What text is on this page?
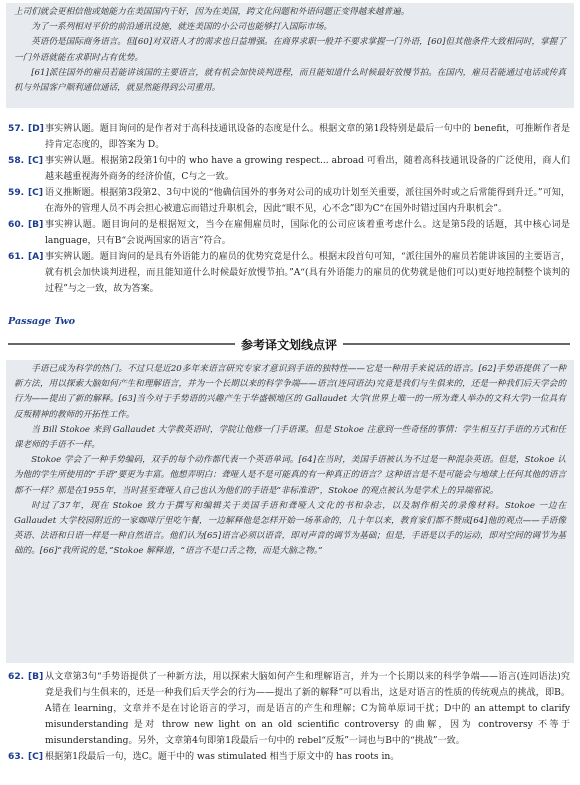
上司们就会更相信他或她能力在美国国内干好，因为在美国，跨文化问题和外语问题正变得越来越普遍。

为了一系列相对平价的前沿通讯设施，就连美国的小公司也能够打入国际市场。

英语仍是国际商务语言。但[60]对双语人才的需求也日益增强。在商界求职一般并不要求掌握一门外语，[60]但其他条件大致相同时，掌握了一门外语就能在求职时占有优势。

[61]派往国外的雇员若能讲该国的主要语言，就有机会加快谈判进程，而且能知道什么时候最好放慢节拍。在国内，雇员若能通过电话或传真机与外国客户顺利通信通话，就显然能得到公司重用。

57. [D] 事实辨认题。题目询问的是作者对于高科技通讯设备的态度是什么。根据文章的第1段特别是最后一句中的 benefit，可推断作者是持肯定态度的，即答案为 D。
58. [C] 事实辨认题。根据第2段第1句中的 who have a growing respect... abroad 可看出，随着高科技通讯设备的广泛使用，商人们越来越重视海外商务的经济价值，C与之一致。
59. [C] 语义推断题。根据第3段第2、3句中说的“他确信国外的事务对公司的成功计划至关重要，派往国外时或之后常能得到升迁。”可知，在海外的管理人员不再会担心被遗忘而错过升职机会，因此“眼不见，心不念”即为C“在国外时错过国内升职机会”。
60. [B] 事实辨认题。题目询问的是根据短文，当今在雇佣雇员时，国际化的公司应该着重考虑什么。这是第5段的话题，其中核心词是 language，只有B“会说两国家的语言”符合。
61. [A] 事实辨认题。题目询问的是具有外语能力的雇员的优势究竟是什么。根据末段首句可知，“派往国外的雇员若能讲该国的主要语言，就有机会加快谈判进程，而且能知道什么时候最好放慢节拍。”A“(具有外语能力的雇员的优势就是他们可以)更好地控制整个谈判的过程”与之一致，故为答案。
Passage Two
参考译文划线点评

手语已成为科学的热门。不过只是近20多年来语言研究专家才意识到手语的独特性——它是一种用手来说话的语言。[62]手势语提供了一种新方法，用以探索大脑如何产生和理解语言，并为一个长期以来的科学争端——语言(连同语法)究竟是我们与生俱来的，还是一种我们后天学会的行为——提出了新的解释。[63]当今对于手势语的兴趣产生于华盛顿地区的 Gallaudet 大学(世界上唯一的一所为聋人举办的文科大学)一位具有反叛精神的教师的开拓性工作。

当 Bill Stokoe 来到 Gallaudet 大学教英语时，学院让他修一门手语课。但是 Stokoe 注意到一些奇怪的事情：学生相互打手语的方式和任课老师的手语不一样。

Stokoe 学会了一种手势编码，双手的每个动作都代表一个英语单词。[64]在当时，美国手语被认为不过是一种混杂英语。但是，Stokoe 认为他的学生所使用的“手语”要更为丰富。他想弄明白：聋哑人是不是可能真的有一种真正的语言？这种语言是不是可能会与地球上任何其他的语言都不一样？那是在1955年，当时甚至聋哑人自己也认为他们的手语是“非标准语”，Stokoe 的观点被认为是学术上的异端邪说。

时过了37年，现在 Stokoe 致力于撰写和编辑关于美国手语和聋哑人文化的书和杂志，以及制作相关的录像材料。Stokoe 一边在 Gallaudet 大学校园附近的一家咖啡厅里吃午餐，一边解释他是怎样开始一场革命的，几十年以来，教育家们都不赞成[64]他的观点——手语像英语、法语和日语一样是一种自然语言。他们认为[65]语言必须以语音，即对声音的调节为基础；但是，手语是以手的运动，即对空间的调节为基础的。[66]“我所说的是，”Stokoe 解释道，“语言不是口舌之物，而是大脑之物。”

62. [B] 从文章第3句“手势语提供了一种新方法，用以探索大脑如何产生和理解语言，并为一个长期以来的科学争端——语言(连同语法)究竟是我们与生俱来的，还是一种我们后天学会的行为——提出了新的解释”可以看出，这是对语言的性质的传统观点的挑战，即B。A错在 learning，文章并不是在讨论语言的学习，而是语言的产生和理解；C为简单原词干扰；D中的 an attempt to clarify misunderstanding 是对 throw new light on an old scientific controversy 的曲解，因为 controversy 不等于 misunderstanding。另外，文章第4句即第1段最后一句中的 rebel“反叛”一词也与B中的“挑战”一致。
63. [C] 根据第1段最后一句，选C。题干中的 was stimulated 相当于原文中的 has roots in。
